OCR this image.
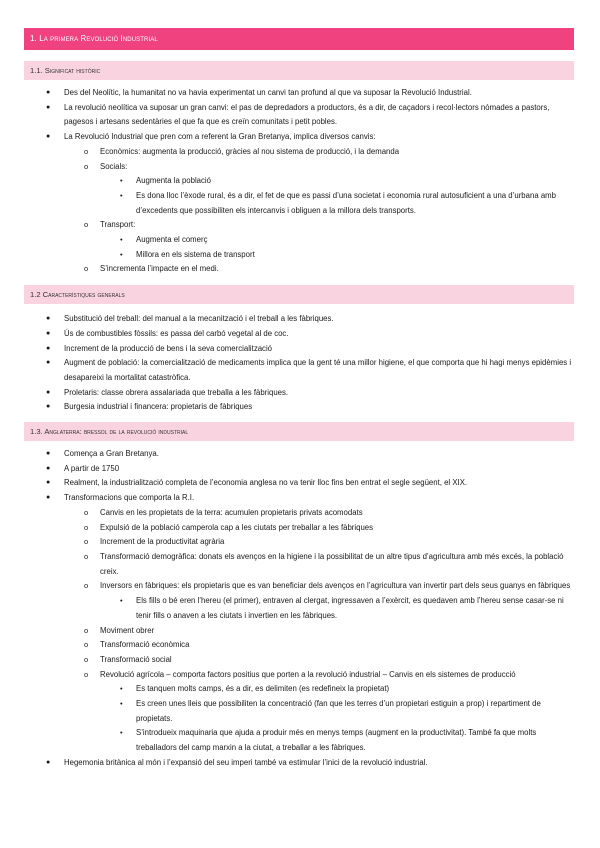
1. La primera Revolució Industrial
1.1. Significat històric
● Des del Neolític, la humanitat no va havia experimentat un canvi tan profund al que va suposar la Revolució Industrial.
● La revolució neolítica va suposar un gran canvi: el pas de depredadors a productors, és a dir, de caçadors i recol·lectors nòmades a pastors, pagesos i artesans sedentàries el que fa que es creïn comunitats i petit pobles.
● La Revolució Industrial que pren com a referent la Gran Bretanya, implica diversos canvis:
o Econòmics: augmenta la producció, gràcies al nou sistema de producció, i la demanda
o Socials:
• Augmenta la població
• Es dona lloc l’èxode rural, és a dir, el fet de que es passi d’una societat i economia rural autosuficient a una d’urbana amb d’excedents que possibiliten els intercanvis i obliguen a la millora dels transports.
o Transport:
• Augmenta el comerç
• Millora en els sistema de transport
o S’incrementa l’impacte en el medi.
1.2 Característiques generals
● Substitució del treball: del manual a la mecanització i el treball a les fàbriques.
● Ús de combustibles fòssils: es passa del carbó vegetal al de coc.
● Increment de la producció de bens i la seva comercialització
● Augment de població: la comercialització de medicaments implica que la gent té una millor higiene, el que comporta que hi hagi menys epidèmies i desapareixi la mortalitat catastròfica.
● Proletaris: classe obrera assalariada que treballa a les fàbriques.
● Burgesia industrial i financera: propietaris de fàbriques
1.3. Anglaterra: bressol de la revolució industrial
● Comença a Gran Bretanya.
● A partir de 1750
● Realment, la industrialització completa de l’economia anglesa no va tenir lloc fins ben entrat el segle següent, el XIX.
● Transformacions que comporta la R.I.
o Canvis en les propietats de la terra: acumulen propietaris privats acomodats
o Expulsió de la població camperola cap a les ciutats per treballar a les fàbriques
o Increment de la productivitat agrària
o Transformació demogràfica: donats els avenços en la higiene i la possibilitat de un altre tipus d’agricultura amb més excés, la població creix.
o Inversors en fàbriques: els propietaris que es van beneficiar dels avenços en l’agricultura van invertir part dels seus guanys en fàbriques
• Els fills o bé eren l’hereu (el primer), entraven al clergat, ingressaven a l’exèrcit, es quedaven amb l’hereu sense casar-se ni tenir fills o anaven a les ciutats i invertien en les fàbriques.
o Moviment obrer
o Transformació econòmica
o Transformació social
o Revolució agrícola – comporta factors positius que porten a la revolució industrial – Canvis en els sistemes de producció
• Es tanquen molts camps, és a dir, es delimiten (es redefineix la propietat)
• Es creen unes lleis que possibiliten la concentració (fan que les terres d’un propietari estiguin a prop) i repartiment de propietats.
• S’introdueix maquinaria que ajuda a produir més en menys temps (augment en la productivitat). També fa que molts treballadors del camp marxin a la ciutat, a treballar a les fàbriques.
● Hegemonia britànica al món i l’expansió del seu imperi també va estimular l’inici de la revolució industrial.
